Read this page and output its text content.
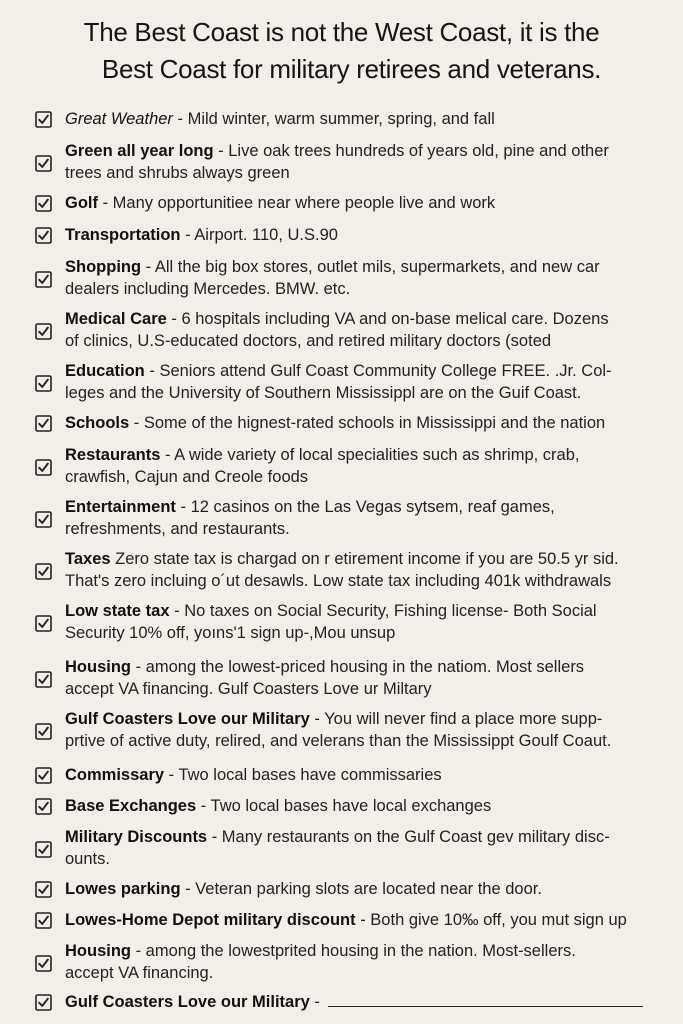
The Best Coast is not the West Coast, it is the
Best Coast for military retirees and veterans.
Great Weather - Mild winter, warm summer, spring, and fall
Green all year long - Live oak trees hundreds of years old, pine and other
trees and shrubs always green
Golf - Many opportunitiee near where people live and work
Transportation - Airport. 110, U.S.90
Shopping - All the big box stores, outlet mils, supermarkets, and new car
dealers including Mercedes. BMW. etc.
Medical Care - 6 hospitals including VA and on-base melical care. Dozens
of clinics, U.S-educated doctors, and retired military doctors (soted
Education - Seniors attend Gulf Coast Community College FREE. .Jr. Col-
leges and the University of Southern Mississippl are on the Guif Coast.
Schools - Some of the hignest-rated schools in Mississippi and the nation
Restaurants - A wide variety of local specialities such as shrimp, crab,
crawfish, Cajun and Creole foods
Entertainment - 12 casinos on the Las Vegas sytsem, reaf games,
refreshments, and restaurants.
Taxes Zero state tax is chargad on r etirement income if you are 50.5 yr sid.
That's zero incluing o´ut desawls. Low state tax including 401k withdrawals
Low state tax - No taxes on Social Security, Fishing license- Both Social
Security 10% off, yoıns'1 sign up-,Mou unsup
Housing - among the lowest-priced housing in the natiom. Most sellers
accept VA financing. Gulf Coasters Love ur Miltary
Gulf Coasters Love our Military - You will never find a place more supp-
prtive of active duty, relired, and velerans than the Mississippt Goulf Coaut.
Commissary - Two local bases have commissaries
Base Exchanges - Two local bases have local exchanges
Military Discounts - Many restaurants on the Gulf Coast gev military disc-
ounts.
Lowes parking - Veteran parking slots are located near the door.
Lowes-Home Depot military discount - Both give 10‰ off, you mut sign up
Housing - among the lowestprited housing in the nation. Most-sellers.
accept VA financing.
Gulf Coasters Love our Military -
